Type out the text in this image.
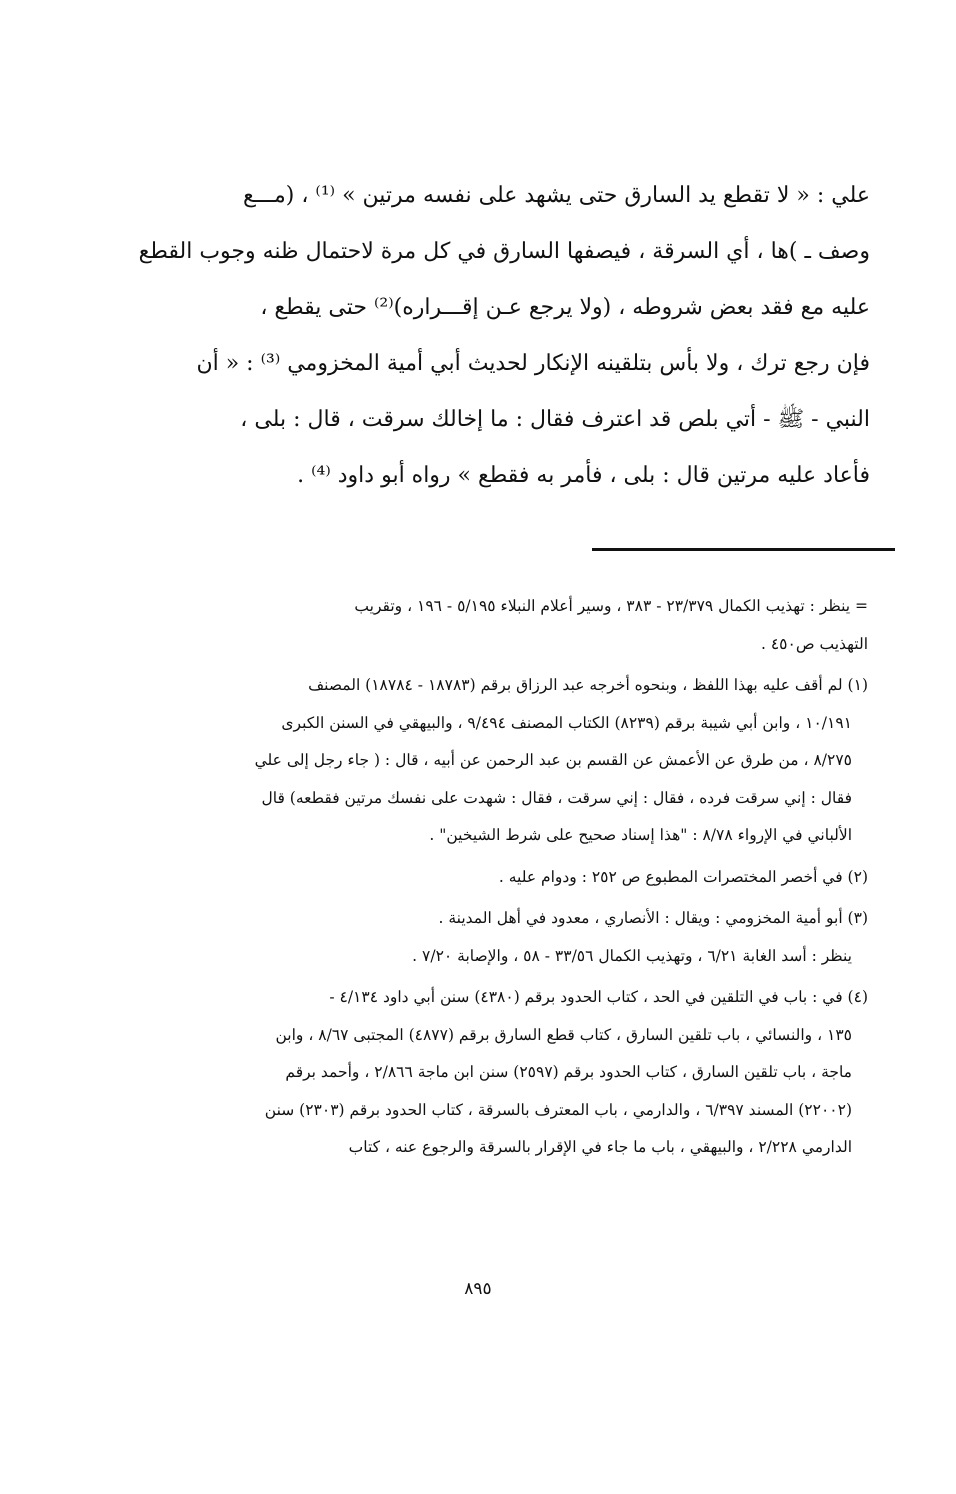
علي : « لا تقطع يد السارق حتى يشهد على نفسه مرتين » ⁽¹⁾ ، (مـــع

وصف ـ )ها ، أي السرقة ، فيصفها السارق في كل مرة لاحتمال ظنه وجوب القطع

عليه مع فقد بعض شروطه ، (ولا يرجع عـن إقـــراره)⁽²⁾ حتى يقطع ،

فإن رجع ترك ، ولا بأس بتلقينه الإنكار لحديث أبي أمية المخزومي ⁽³⁾ : « أن

النبي - ﷺ - أتي بلص قد اعترف فقال : ما إخالك سرقت ، قال : بلى ،

فأعاد عليه مرتين قال : بلى ، فأمر به فقطع » رواه أبو داود ⁽⁴⁾ .

= ينظر : تهذيب الكمال ٢٣/٣٧٩ - ٣٨٣ ، وسير أعلام النبلاء ٥/١٩٥ - ١٩٦ ، وتقريب

التهذيب ص٤٥٠ .

(١) لم أقف عليه بهذا اللفظ ، وبنحوه أخرجه عبد الرزاق برقم (١٨٧٨٣ - ١٨٧٨٤) المصنف

١٠/١٩١ ، وابن أبي شيبة برقم (٨٢٣٩) الكتاب المصنف ٩/٤٩٤ ، والبيهقي في السنن الكبرى

٨/٢٧٥ ، من طرق عن الأعمش عن القسم بن عبد الرحمن عن أبيه ، قال : ( جاء رجل إلى علي

فقال : إني سرقت فرده ، فقال : إني سرقت ، فقال : شهدت على نفسك مرتين فقطعه) قال

الألباني في الإرواء ٨/٧٨ : "هذا إسناد صحيح على شرط الشيخين" .

(٢) في أخصر المختصرات المطبوع ص ٢٥٢ : ودوام عليه .

(٣) أبو أمية المخزومي : ويقال : الأنصاري ، معدود في أهل المدينة .

ينظر : أسد الغابة ٦/٢١ ، وتهذيب الكمال ٣٣/٥٦ - ٥٨ ، والإصابة ٧/٢٠ .

(٤) في : باب في التلقين في الحد ، كتاب الحدود برقم (٤٣٨٠) سنن أبي داود ٤/١٣٤ -

١٣٥ ، والنسائي ، باب تلقين السارق ، كتاب قطع السارق برقم (٤٨٧٧) المجتبى ٨/٦٧ ، وابن

ماجة ، باب تلقين السارق ، كتاب الحدود برقم (٢٥٩٧) سنن ابن ماجة ٢/٨٦٦ ، وأحمد برقم

(٢٢٠٠٢) المسند ٦/٣٩٧ ، والدارمي ، باب المعترف بالسرقة ، كتاب الحدود برقم (٢٣٠٣) سنن

الدارمي ٢/٢٢٨ ، والبيهقي ، باب ما جاء في الإقرار بالسرقة والرجوع عنه ، كتاب

٨٩٥
